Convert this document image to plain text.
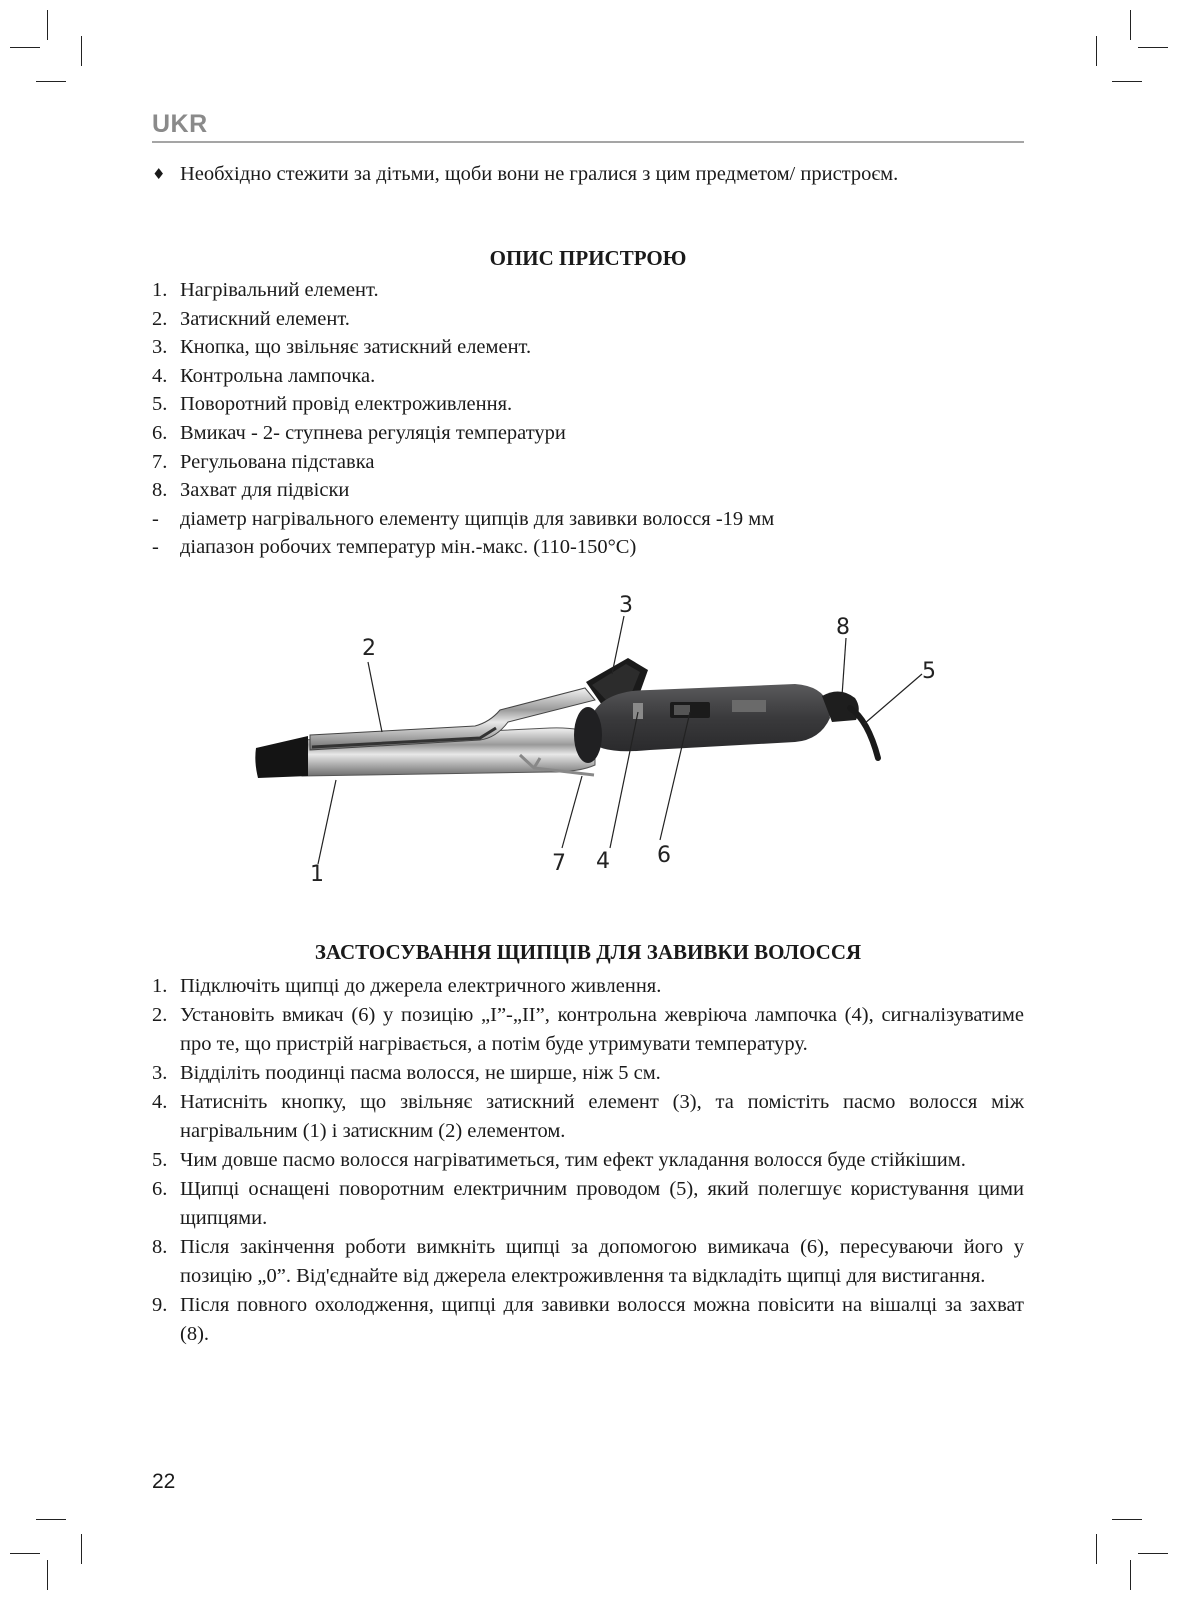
UKR
♦ Необхідно стежити за дітьми, щоби вони не гралися з цим предметом/ пристроєм.
ОПИС ПРИСТРОЮ
1. Нагрівальний елемент.
2. Затискний елемент.
3. Кнопка, що звільняє затискний елемент.
4. Контрольна лампочка.
5. Поворотний провід електроживлення.
6. Вмикач - 2- ступнева регуляція температури
7. Регульована підставка
8. Захват для підвіски
- діаметр нагрівального елементу щипців для завивки волосся -19 мм
- діапазон робочих температур мін.-макс. (110-150°С)
1
2
3
4
5
6
7
8
ЗАСТОСУВАННЯ ЩИПЦІВ ДЛЯ ЗАВИВКИ ВОЛОССЯ
1. Підключіть щипці до джерела електричного живлення.
2. Установіть вмикач (6) у позицію „I”-„II”, контрольна жевріюча лампочка (4), сигналізуватиме про те, що пристрій нагрівається, а потім буде утримувати температуру.
3. Відділіть поодинці пасма волосся, не ширше, ніж 5 см.
4. Натисніть кнопку, що звільняє затискний елемент (3), та помістіть пасмо волосся між нагрівальним (1) і затискним (2) елементом.
5. Чим довше пасмо волосся нагріватиметься, тим ефект укладання волосся буде стійкішим.
6. Щипці оснащені поворотним електричним проводом (5), який полегшує користування цими щипцями.
8. Після закінчення роботи вимкніть щипці за допомогою вимикача (6), пересуваючи його у позицію „0”. Від'єднайте від джерела електроживлення та відкладіть щипці для вистигання.
9. Після повного охолодження, щипці для завивки волосся можна повісити на вішалці за захват (8).
22
